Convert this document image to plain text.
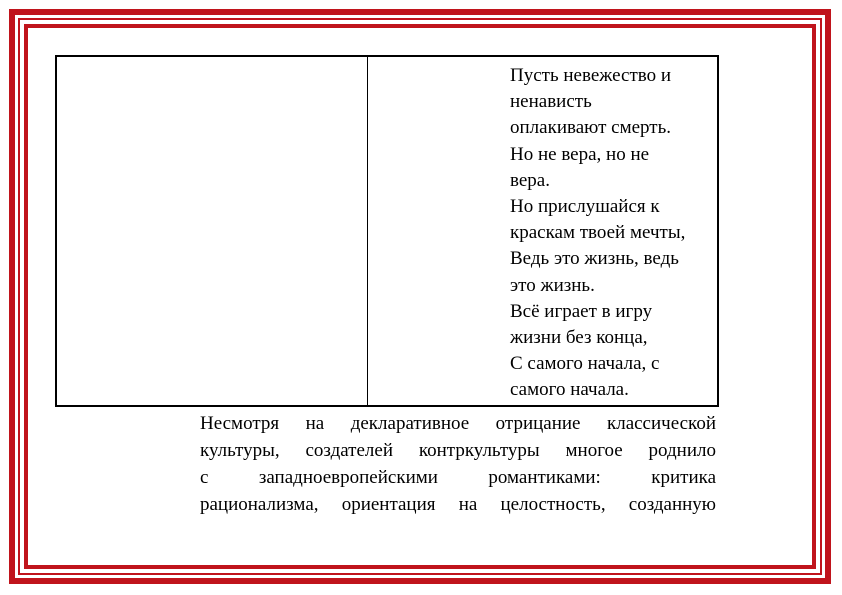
Пусть невежество и
ненависть
оплакивают смерть.
Но не вера, но не
вера.
Но прислушайся к
краскам твоей мечты,
Ведь это жизнь, ведь
это жизнь.
Всё играет в игру
жизни без конца,
С самого начала, с
самого начала.
Несмотря на декларативное отрицание классической
культуры, создателей контркультуры многое роднило
с западноевропейскими романтиками: критика
рационализма, ориентация на целостность, созданную
